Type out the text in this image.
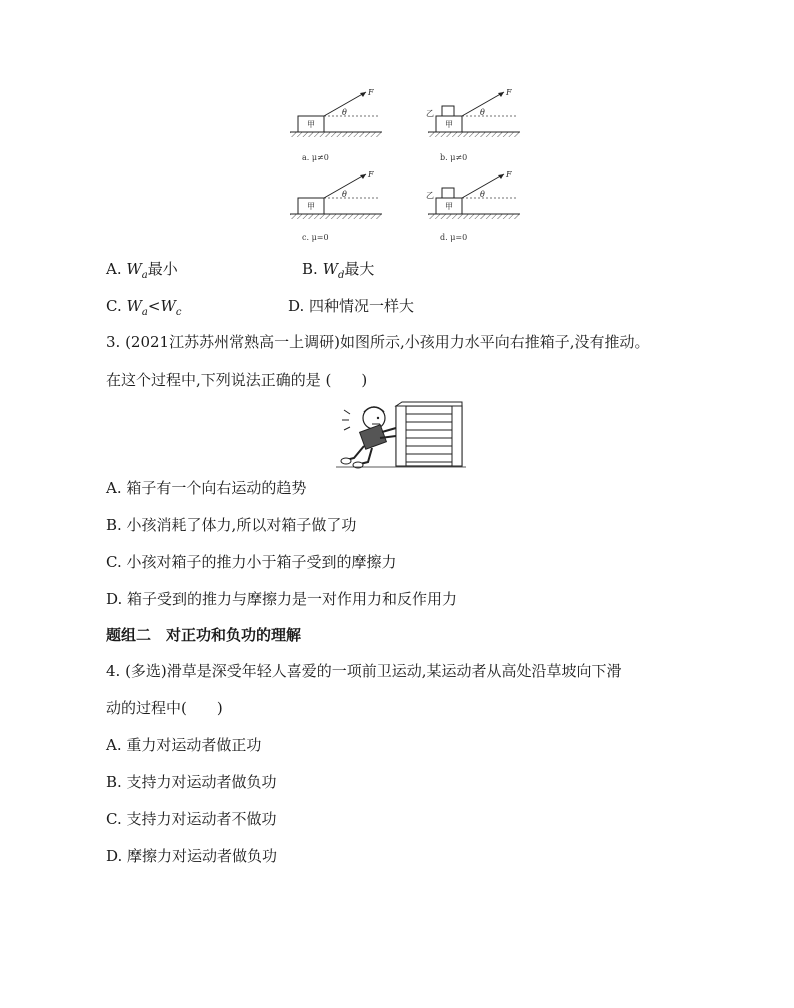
甲
F
θ
a. μ≠0
甲
乙
F
θ
b. μ≠0
甲
F
θ
c. μ=0
甲
乙
F
θ
d. μ=0
A. $W_a$最小	B. $W_d$最大
C. $W_a<W_c$	D. 四种情况一样大
3. (2021江苏苏州常熟高一上调研)如图所示,小孩用力水平向右推箱子,没有推动。
在这个过程中,下列说法正确的是 (　　)
A. 箱子有一个向右运动的趋势
B. 小孩消耗了体力,所以对箱子做了功
C. 小孩对箱子的推力小于箱子受到的摩擦力
D. 箱子受到的推力与摩擦力是一对作用力和反作用力
题组二　对正功和负功的理解
4. (多选)滑草是深受年轻人喜爱的一项前卫运动,某运动者从高处沿草坡向下滑
动的过程中(　　)
A. 重力对运动者做正功
B. 支持力对运动者做负功
C. 支持力对运动者不做功
D. 摩擦力对运动者做负功
